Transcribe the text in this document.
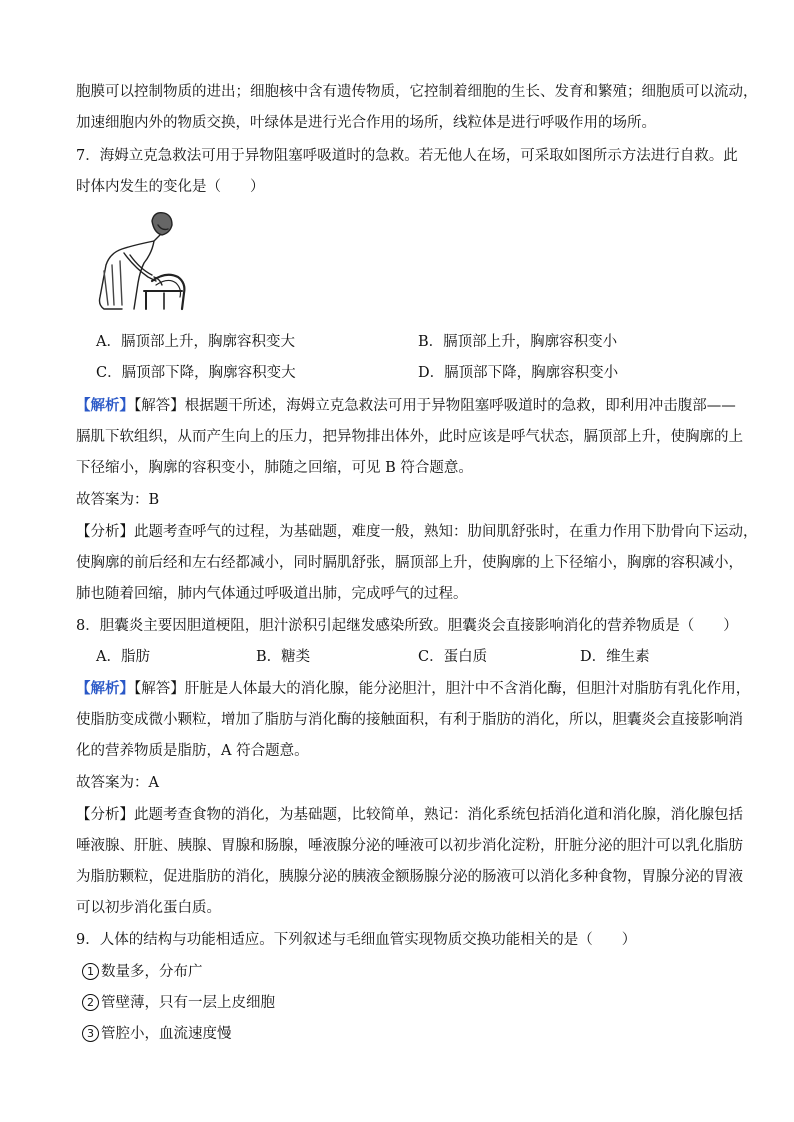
胞膜可以控制物质的进出；细胞核中含有遗传物质，它控制着细胞的生长、发育和繁殖；细胞质可以流动，
加速细胞内外的物质交换，叶绿体是进行光合作用的场所，线粒体是进行呼吸作用的场所。
7．海姆立克急救法可用于异物阻塞呼吸道时的急救。若无他人在场，可采取如图所示方法进行自救。此
时体内发生的变化是（　　）
A．膈顶部上升，胸廓容积变大	B．膈顶部上升，胸廓容积变小
C．膈顶部下降，胸廓容积变大	D．膈顶部下降，胸廓容积变小
【解析】【解答】根据题干所述，海姆立克急救法可用于异物阻塞呼吸道时的急救，即利用冲击腹部——
膈肌下软组织，从而产生向上的压力，把异物排出体外，此时应该是呼气状态，膈顶部上升，使胸廓的上
下径缩小，胸廓的容积变小，肺随之回缩，可见 B 符合题意。
故答案为：B
【分析】此题考查呼气的过程，为基础题，难度一般，熟知：肋间肌舒张时，在重力作用下肋骨向下运动，
使胸廓的前后经和左右经都减小，同时膈肌舒张，膈顶部上升，使胸廓的上下径缩小，胸廓的容积减小，
肺也随着回缩，肺内气体通过呼吸道出肺，完成呼气的过程。
8．胆囊炎主要因胆道梗阻，胆汁淤积引起继发感染所致。胆囊炎会直接影响消化的营养物质是（　　）
A．脂肪	B．糖类	C．蛋白质	D．维生素
【解析】【解答】肝脏是人体最大的消化腺，能分泌胆汁，胆汁中不含消化酶，但胆汁对脂肪有乳化作用，
使脂肪变成微小颗粒，增加了脂肪与消化酶的接触面积，有利于脂肪的消化，所以，胆囊炎会直接影响消
化的营养物质是脂肪，A 符合题意。
故答案为：A
【分析】此题考查食物的消化，为基础题，比较简单，熟记：消化系统包括消化道和消化腺，消化腺包括
唾液腺、肝脏、胰腺、胃腺和肠腺，唾液腺分泌的唾液可以初步消化淀粉，肝脏分泌的胆汁可以乳化脂肪
为脂肪颗粒，促进脂肪的消化，胰腺分泌的胰液金额肠腺分泌的肠液可以消化多种食物，胃腺分泌的胃液
可以初步消化蛋白质。
9．人体的结构与功能相适应。下列叙述与毛细血管实现物质交换功能相关的是（　　）
1 数量多，分布广
2 管壁薄，只有一层上皮细胞
3 管腔小，血流速度慢
